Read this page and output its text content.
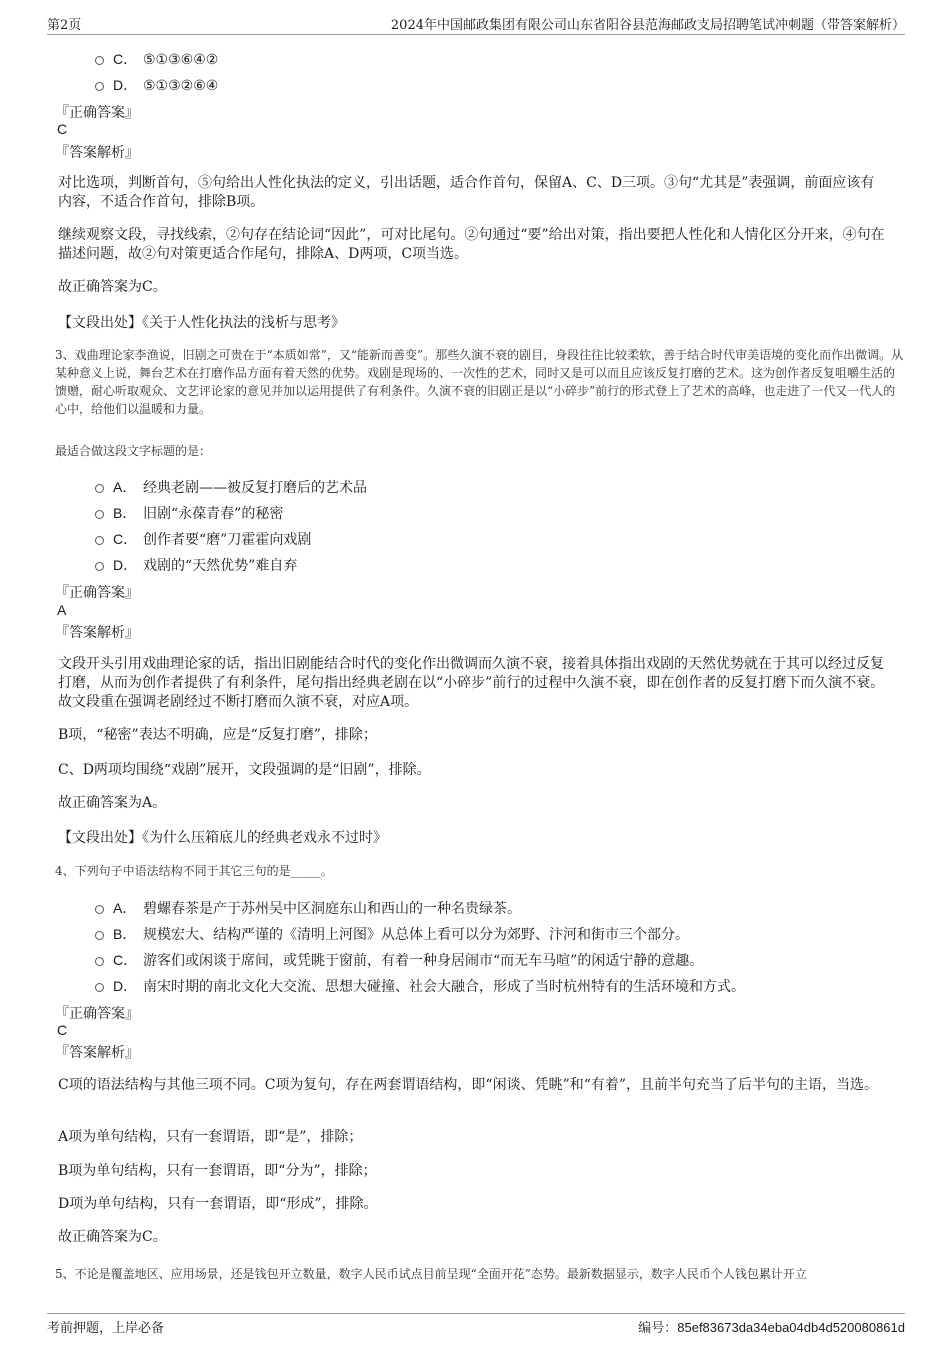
第2页	2024年中国邮政集团有限公司山东省阳谷县范海邮政支局招聘笔试冲刺题（带答案解析）
C． ⑤①③⑥④②
D． ⑤①③②⑥④
『正确答案』
C
『答案解析』
对比选项，判断首句，⑤句给出人性化执法的定义，引出话题，适合作首句，保留A、C、D三项。③句“尤其是”表强调，前面应该有内容，不适合作首句，排除B项。
继续观察文段，寻找线索，②句存在结论词“因此”，可对比尾句。②句通过“要”给出对策，指出要把人性化和人情化区分开来，④句在描述问题，故②句对策更适合作尾句，排除A、D两项，C项当选。
故正确答案为C。
【文段出处】《关于人性化执法的浅析与思考》
3、戏曲理论家李渔说，旧剧之可贵在于“本质如常”，又“能新而善变”。那些久演不衰的剧目，身段往往比较柔软，善于结合时代审美语境的变化而作出微调。从某种意义上说，舞台艺术在打磨作品方面有着天然的优势。戏剧是现场的、一次性的艺术，同时又是可以而且应该反复打磨的艺术。这为创作者反复咀嚼生活的馈赠，耐心听取观众、文艺评论家的意见并加以运用提供了有利条件。久演不衰的旧剧正是以“小碎步”前行的形式登上了艺术的高峰，也走进了一代又一代人的心中，给他们以温暖和力量。
最适合做这段文字标题的是：
A． 经典老剧——被反复打磨后的艺术品
B． 旧剧“永葆青春”的秘密
C． 创作者要“磨”刀霍霍向戏剧
D． 戏剧的“天然优势”难自弃
『正确答案』
A
『答案解析』
文段开头引用戏曲理论家的话，指出旧剧能结合时代的变化作出微调而久演不衰，接着具体指出戏剧的天然优势就在于其可以经过反复打磨，从而为创作者提供了有利条件，尾句指出经典老剧在以“小碎步”前行的过程中久演不衰，即在创作者的反复打磨下而久演不衰。故文段重在强调老剧经过不断打磨而久演不衰，对应A项。
B项，“秘密”表达不明确，应是“反复打磨”，排除；
C、D两项均围绕“戏剧”展开，文段强调的是“旧剧”，排除。
故正确答案为A。
【文段出处】《为什么压箱底儿的经典老戏永不过时》
4、下列句子中语法结构不同于其它三句的是_____。
A． 碧螺春茶是产于苏州吴中区洞庭东山和西山的一种名贵绿茶。
B． 规模宏大、结构严谨的《清明上河图》从总体上看可以分为郊野、汴河和街市三个部分。
C． 游客们或闲谈于席间，或凭眺于窗前，有着一种身居闹市“而无车马喧”的闲适宁静的意趣。
D． 南宋时期的南北文化大交流、思想大碰撞、社会大融合，形成了当时杭州特有的生活环境和方式。
『正确答案』
C
『答案解析』
C项的语法结构与其他三项不同。C项为复句，存在两套谓语结构，即“闲谈、凭眺”和“有着”，且前半句充当了后半句的主语，当选。
A项为单句结构，只有一套谓语，即“是”，排除；
B项为单句结构，只有一套谓语，即“分为”，排除；
D项为单句结构，只有一套谓语，即“形成”，排除。
故正确答案为C。
5、不论是覆盖地区、应用场景，还是钱包开立数量，数字人民币试点目前呈现“全面开花”态势。最新数据显示，数字人民币个人钱包累计开立
考前押题，上岸必备	编号：85ef83673da34eba04db4d520080861d
